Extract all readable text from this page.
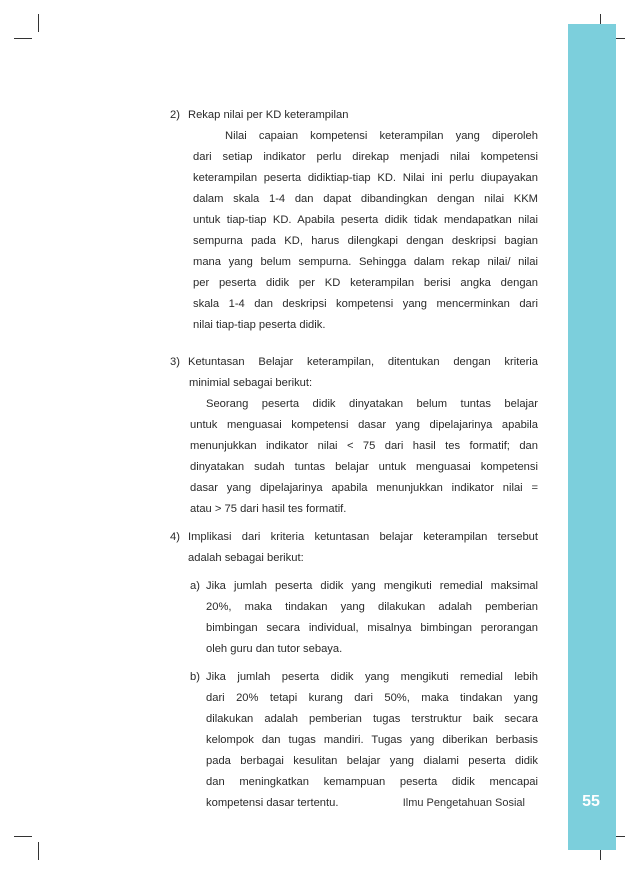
55
Ilmu Pengetahuan Sosial
2) Rekap nilai per KD keterampilan
Nilai capaian kompetensi keterampilan yang diperoleh
dari setiap indikator perlu direkap menjadi nilai kompetensi
keterampilan peserta didiktiap-tiap KD. Nilai ini perlu diupayakan
dalam skala 1-4 dan dapat dibandingkan dengan nilai KKM
untuk tiap-tiap KD. Apabila peserta didik tidak mendapatkan nilai
sempurna pada KD, harus dilengkapi dengan deskripsi bagian
mana yang belum sempurna. Sehingga dalam rekap nilai/ nilai
per peserta didik per KD keterampilan berisi angka dengan
skala 1-4 dan deskripsi kompetensi yang mencerminkan dari
nilai tiap-tiap peserta didik.
3) Ketuntasan Belajar keterampilan, ditentukan dengan kriteria
minimial sebagai berikut:
Seorang peserta didik dinyatakan belum tuntas belajar
untuk menguasai kompetensi dasar yang dipelajarinya apabila
menunjukkan indikator nilai < 75 dari hasil tes formatif; dan
dinyatakan sudah tuntas belajar untuk menguasai kompetensi
dasar yang dipelajarinya apabila menunjukkan indikator nilai =
atau > 75 dari hasil tes formatif.
4) Implikasi dari kriteria ketuntasan belajar keterampilan tersebut
adalah sebagai berikut:
a) Jika jumlah peserta didik yang mengikuti remedial maksimal
20%, maka tindakan yang dilakukan adalah pemberian
bimbingan secara individual, misalnya bimbingan perorangan
oleh guru dan tutor sebaya.
b) Jika jumlah peserta didik yang mengikuti remedial lebih
dari 20% tetapi kurang dari 50%, maka tindakan yang
dilakukan adalah pemberian tugas terstruktur baik secara
kelompok dan tugas mandiri. Tugas yang diberikan berbasis
pada berbagai kesulitan belajar yang dialami peserta didik
dan meningkatkan kemampuan peserta didik mencapai
kompetensi dasar tertentu.
